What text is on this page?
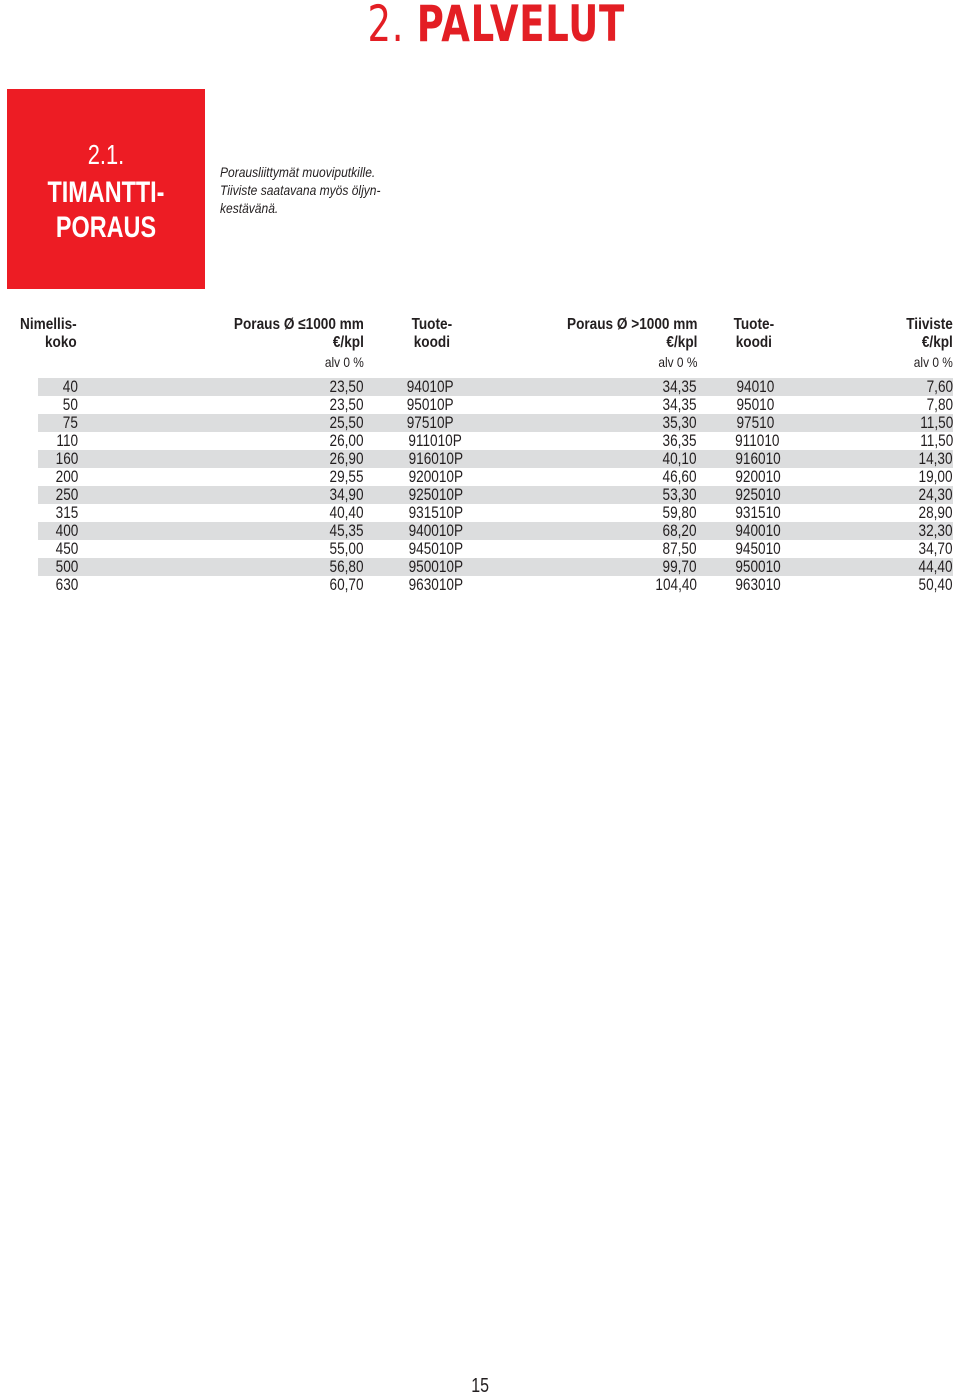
2. PALVELUT
2.1.
TIMANTTI-
PORAUS
Porausliittymät muoviputkille.
Tiiviste saatavana myös öljyn-
kestävänä.
Nimellis-
koko
Poraus Ø ≤1000 mm
€/kpl
alv 0 %
Tuote-
koodi
Poraus Ø >1000 mm
€/kpl
alv 0 %
Tuote-
koodi
Tiiviste
€/kpl
alv 0 %
40	23,50	94010P	34,35	94010	7,60
50	23,50	95010P	34,35	95010	7,80
75	25,50	97510P	35,30	97510	11,50
110	26,00	911010P	36,35	911010	11,50
160	26,90	916010P	40,10	916010	14,30
200	29,55	920010P	46,60	920010	19,00
250	34,90	925010P	53,30	925010	24,30
315	40,40	931510P	59,80	931510	28,90
400	45,35	940010P	68,20	940010	32,30
450	55,00	945010P	87,50	945010	34,70
500	56,80	950010P	99,70	950010	44,40
630	60,70	963010P	104,40	963010	50,40
15
